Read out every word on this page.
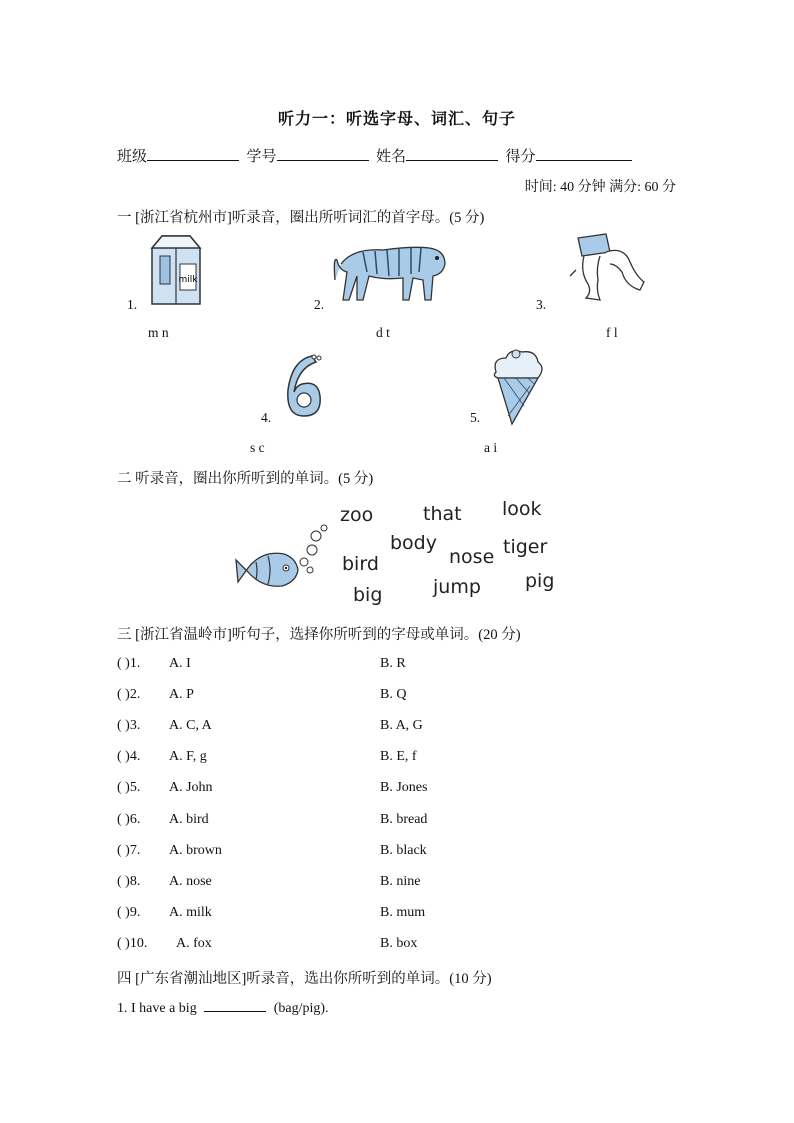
听力一：听选字母、词汇、句子
班级	学号	姓名	得分
时间: 40 分钟 满分: 60 分
一 [浙江省杭州市]听录音，圈出所听词汇的首字母。(5 分)
milk
1.
m n
2.
d t
3.
f l
4.
s c
5.
a i
二 听录音，圈出你所听到的单词。(5 分)
zoo	that look
body
bird	nose tiger
big	jump pig
三 [浙江省温岭市]听句子，选择你所听到的字母或单词。(20 分)
( )1. A. I	B. R
( )2. A. P	B. Q
( )3. A. C, A	B. A, G
( )4. A. F, g	B. E, f
( )5. A. John	B. Jones
( )6. A. bird	B. bread
( )7. A. brown	B. black
( )8. A. nose	B. nine
( )9. A. milk	B. mum
( )10. A. fox	B. box
四 [广东省潮汕地区]听录音，选出你所听到的单词。(10 分)
1. I have a big	(bag/pig).
